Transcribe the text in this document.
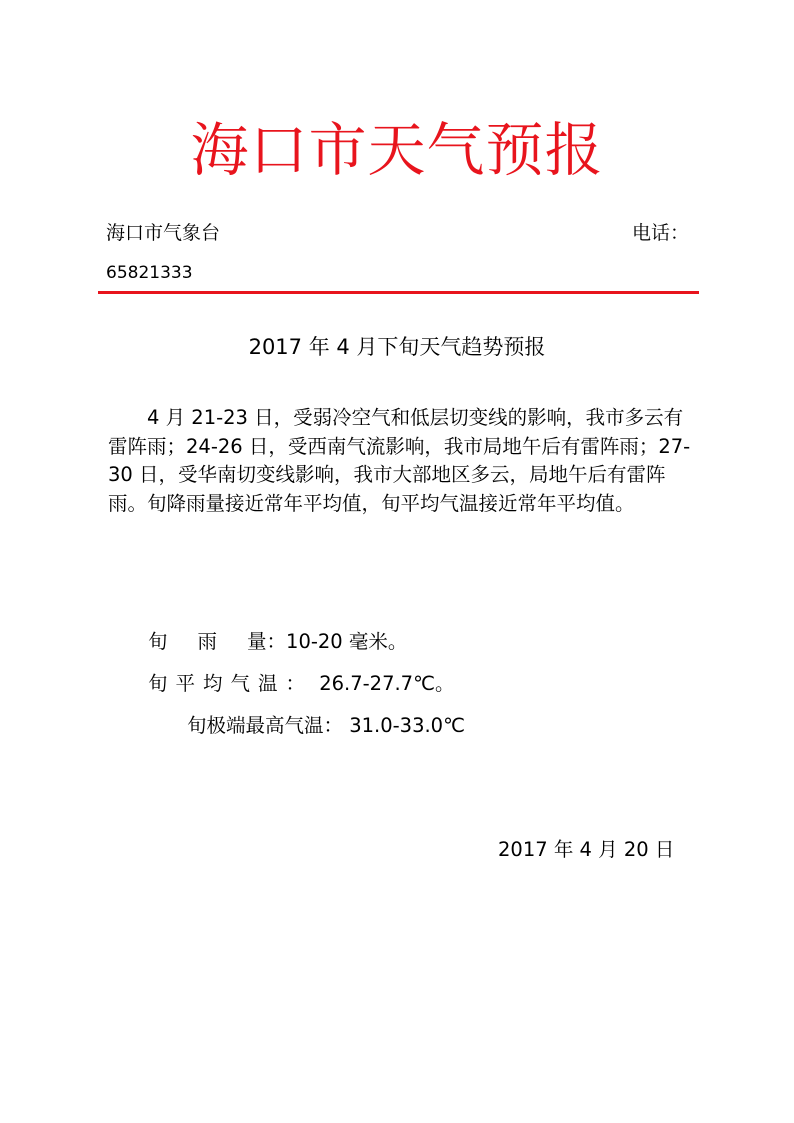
海口市天气预报
海口市气象台	电话：
65821333
2017 年 4 月下旬天气趋势预报

4 月 21-23 日，受弱冷空气和低层切变线的影响，我市多云有雷阵雨；24-26 日，受西南气流影响，我市局地午后有雷阵雨；27-30 日，受华南切变线影响，我市大部地区多云，局地午后有雷阵雨。旬降雨量接近常年平均值，旬平均气温接近常年平均值。

旬雨量：10-20 毫米。
旬平均气温： 26.7-27.7℃。
旬极端最高气温： 31.0-33.0℃
2017 年 4 月 20 日
